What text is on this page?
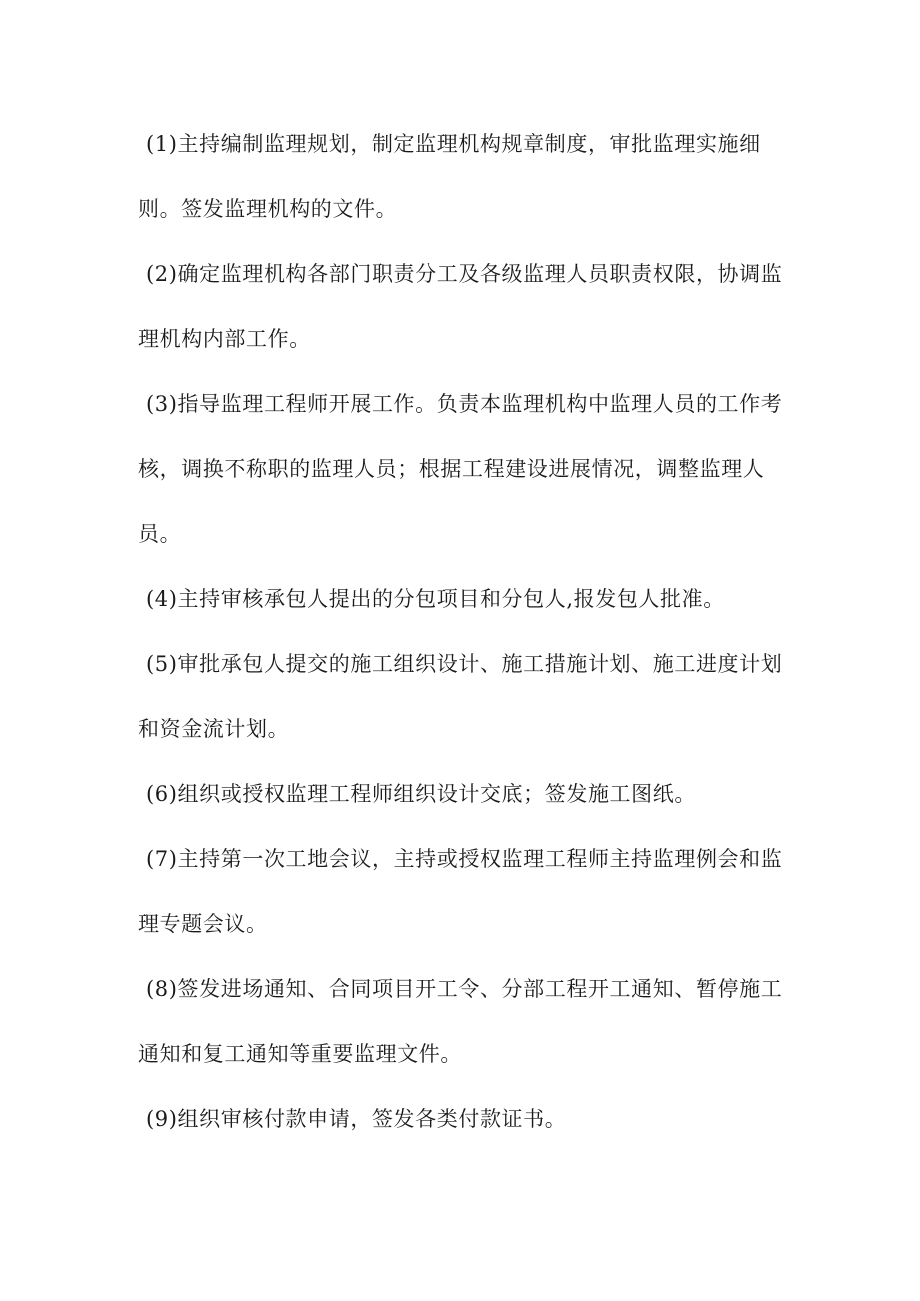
(1)主持编制监理规划，制定监理机构规章制度，审批监理实施细则。签发监理机构的文件。

(2)确定监理机构各部门职责分工及各级监理人员职责权限，协调监理机构内部工作。

(3)指导监理工程师开展工作。负责本监理机构中监理人员的工作考核，调换不称职的监理人员；根据工程建设进展情况，调整监理人员。

(4)主持审核承包人提出的分包项目和分包人,报发包人批准。

(5)审批承包人提交的施工组织设计、施工措施计划、施工进度计划和资金流计划。

(6)组织或授权监理工程师组织设计交底；签发施工图纸。

(7)主持第一次工地会议，主持或授权监理工程师主持监理例会和监理专题会议。

(8)签发进场通知、合同项目开工令、分部工程开工通知、暂停施工通知和复工通知等重要监理文件。

(9)组织审核付款申请，签发各类付款证书。
